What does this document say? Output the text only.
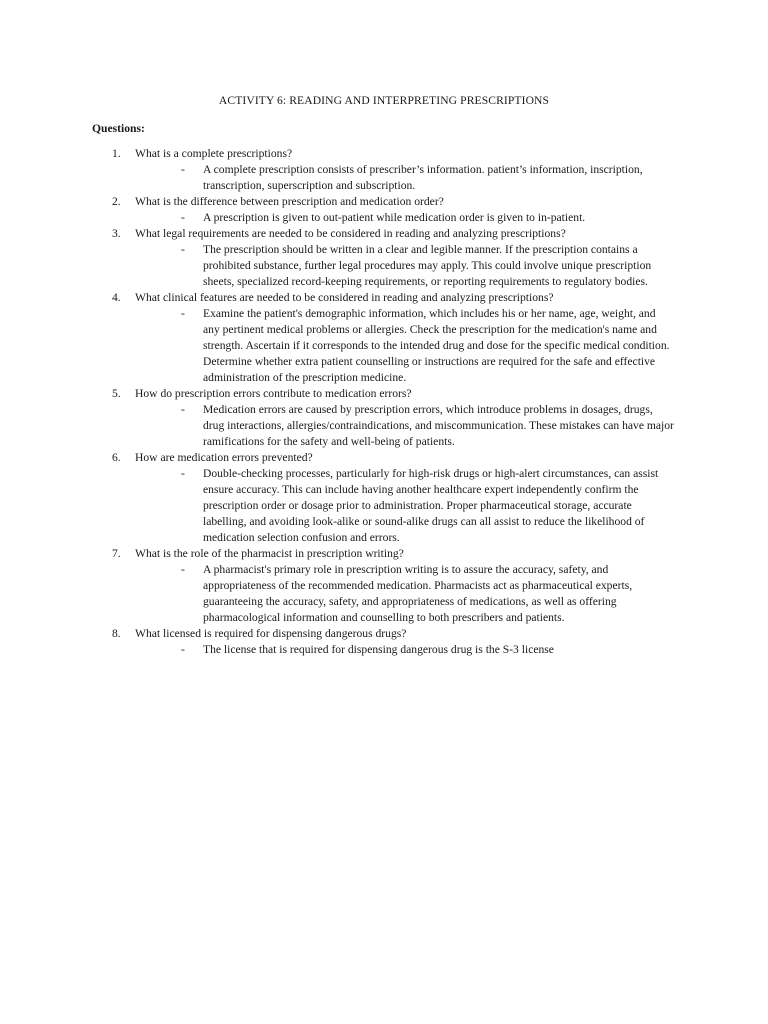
ACTIVITY 6: READING AND INTERPRETING PRESCRIPTIONS
Questions:
1. What is a complete prescriptions?
- A complete prescription consists of prescriber’s information. patient’s information, inscription, transcription, superscription and subscription.
2. What is the difference between prescription and medication order?
- A prescription is given to out-patient while medication order is given to in-patient.
3. What legal requirements are needed to be considered in reading and analyzing prescriptions?
- The prescription should be written in a clear and legible manner. If the prescription contains a prohibited substance, further legal procedures may apply. This could involve unique prescription sheets, specialized record-keeping requirements, or reporting requirements to regulatory bodies.
4. What clinical features are needed to be considered in reading and analyzing prescriptions?
- Examine the patient's demographic information, which includes his or her name, age, weight, and any pertinent medical problems or allergies. Check the prescription for the medication's name and strength. Ascertain if it corresponds to the intended drug and dose for the specific medical condition. Determine whether extra patient counselling or instructions are required for the safe and effective administration of the prescription medicine.
5. How do prescription errors contribute to medication errors?
- Medication errors are caused by prescription errors, which introduce problems in dosages, drugs, drug interactions, allergies/contraindications, and miscommunication. These mistakes can have major ramifications for the safety and well-being of patients.
6. How are medication errors prevented?
- Double-checking processes, particularly for high-risk drugs or high-alert circumstances, can assist ensure accuracy. This can include having another healthcare expert independently confirm the prescription order or dosage prior to administration. Proper pharmaceutical storage, accurate labelling, and avoiding look-alike or sound-alike drugs can all assist to reduce the likelihood of medication selection confusion and errors.
7. What is the role of the pharmacist in prescription writing?
- A pharmacist's primary role in prescription writing is to assure the accuracy, safety, and appropriateness of the recommended medication. Pharmacists act as pharmaceutical experts, guaranteeing the accuracy, safety, and appropriateness of medications, as well as offering pharmacological information and counselling to both prescribers and patients.
8. What licensed is required for dispensing dangerous drugs?
- The license that is required for dispensing dangerous drug is the S-3 license
